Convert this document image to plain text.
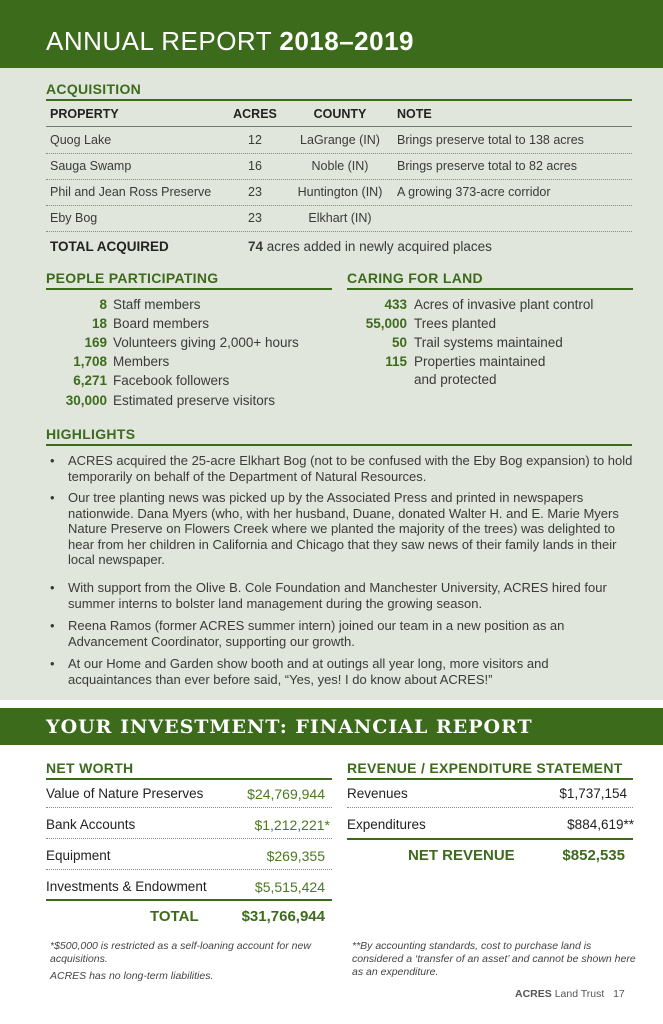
ANNUAL REPORT 2018–2019
ACQUISITION
PROPERTY	ACRES	COUNTY	NOTE
Quog Lake	12	LaGrange (IN)	Brings preserve total to 138 acres
Sauga Swamp	16	Noble (IN)	Brings preserve total to 82 acres
Phil and Jean Ross Preserve	23	Huntington (IN)	A growing 373-acre corridor
Eby Bog	23	Elkhart (IN)
TOTAL ACQUIRED	74 acres added in newly acquired places
PEOPLE PARTICIPATING
8 Staff members
18 Board members
169 Volunteers giving 2,000+ hours
1,708 Members
6,271 Facebook followers
30,000 Estimated preserve visitors
CARING FOR LAND
433 Acres of invasive plant control
55,000 Trees planted
50 Trail systems maintained
115 Properties maintained
and protected
HIGHLIGHTS
• ACRES acquired the 25-acre Elkhart Bog (not to be confused with the Eby Bog expansion) to hold temporarily on behalf of the Department of Natural Resources.
• Our tree planting news was picked up by the Associated Press and printed in newspapers nationwide. Dana Myers (who, with her husband, Duane, donated Walter H. and E. Marie Myers Nature Preserve on Flowers Creek where we planted the majority of the trees) was delighted to hear from her children in California and Chicago that they saw news of their family lands in their local newspaper.
• With support from the Olive B. Cole Foundation and Manchester University, ACRES hired four summer interns to bolster land management during the growing season.
• Reena Ramos (former ACRES summer intern) joined our team in a new position as an Advancement Coordinator, supporting our growth.
• At our Home and Garden show booth and at outings all year long, more visitors and acquaintances than ever before said, “Yes, yes! I do know about ACRES!”
YOUR INVESTMENT: FINANCIAL REPORT
NET WORTH
Value of Nature Preserves	$24,769,944
Bank Accounts	$1,212,221*
Equipment	$269,355
Investments & Endowment	$5,515,424
TOTAL	$31,766,944
*$500,000 is restricted as a self-loaning account for new acquisitions.
ACRES has no long-term liabilities.
REVENUE / EXPENDITURE STATEMENT
Revenues	$1,737,154
Expenditures	$884,619**
NET REVENUE	$852,535
**By accounting standards, cost to purchase land is considered a ‘transfer of an asset’ and cannot be shown here as an expenditure.
ACRES Land Trust 17
